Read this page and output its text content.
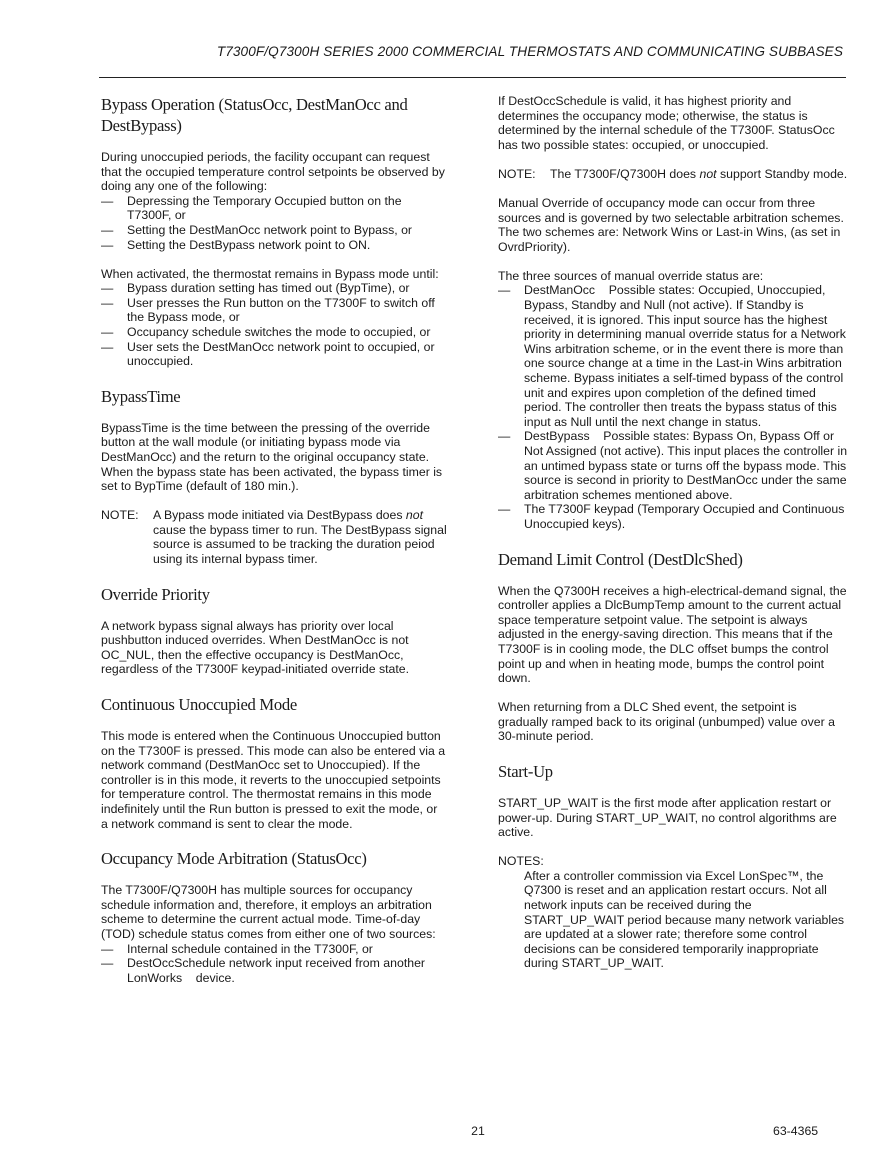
T7300F/Q7300H SERIES 2000 COMMERCIAL THERMOSTATS AND COMMUNICATING SUBBASES
Bypass Operation (StatusOcc, DestManOcc and DestBypass)

During unoccupied periods, the facility occupant can request that the occupied temperature control setpoints be observed by doing any one of the following:

— Depressing the Temporary Occupied button on the T7300F, or
— Setting the DestManOcc network point to Bypass, or
— Setting the DestBypass network point to ON.

When activated, the thermostat remains in Bypass mode until:

— Bypass duration setting has timed out (BypTime), or
— User presses the Run button on the T7300F to switch off the Bypass mode, or
— Occupancy schedule switches the mode to occupied, or
— User sets the DestManOcc network point to occupied, or unoccupied.
BypassTime

BypassTime is the time between the pressing of the override button at the wall module (or initiating bypass mode via DestManOcc) and the return to the original occupancy state. When the bypass state has been activated, the bypass timer is set to BypTime (default of 180 min.).

NOTE: A Bypass mode initiated via DestBypass does not cause the bypass timer to run. The DestBypass signal source is assumed to be tracking the duration peiod using its internal bypass timer.
Override Priority

A network bypass signal always has priority over local pushbutton induced overrides. When DestManOcc is not OC_NUL, then the effective occupancy is DestManOcc, regardless of the T7300F keypad-initiated override state.

Continuous Unoccupied Mode

This mode is entered when the Continuous Unoccupied button on the T7300F is pressed. This mode can also be entered via a network command (DestManOcc set to Unoccupied). If the controller is in this mode, it reverts to the unoccupied setpoints for temperature control. The thermostat remains in this mode indefinitely until the Run button is pressed to exit the mode, or a network command is sent to clear the mode.

Occupancy Mode Arbitration (StatusOcc)

The T7300F/Q7300H has multiple sources for occupancy schedule information and, therefore, it employs an arbitration scheme to determine the current actual mode. Time-of-day (TOD) schedule status comes from either one of two sources:

— Internal schedule contained in the T7300F, or
— DestOccSchedule network input received from another LonWorks    device.

If DestOccSchedule is valid, it has highest priority and determines the occupancy mode; otherwise, the status is determined by the internal schedule of the T7300F. StatusOcc has two possible states: occupied, or unoccupied.

NOTE: The T7300F/Q7300H does not support Standby mode.

Manual Override of occupancy mode can occur from three sources and is governed by two selectable arbitration schemes. The two schemes are: Network Wins or Last-in Wins, (as set in OvrdPriority).

The three sources of manual override status are:

— DestManOcc    Possible states: Occupied, Unoccupied, Bypass, Standby and Null (not active). If Standby is received, it is ignored. This input source has the highest priority in determining manual override status for a Network Wins arbitration scheme, or in the event there is more than one source change at a time in the Last-in Wins arbitration scheme. Bypass initiates a self-timed bypass of the control unit and expires upon completion of the defined timed period. The controller then treats the bypass status of this input as Null until the next change in status.
— DestBypass    Possible states: Bypass On, Bypass Off or Not Assigned (not active). This input places the controller in an untimed bypass state or turns off the bypass mode. This source is second in priority to DestManOcc under the same arbitration schemes mentioned above.
— The T7300F keypad (Temporary Occupied and Continuous Unoccupied keys).
Demand Limit Control (DestDlcShed)

When the Q7300H receives a high-electrical-demand signal, the controller applies a DlcBumpTemp amount to the current actual space temperature setpoint value. The setpoint is always adjusted in the energy-saving direction. This means that if the T7300F is in cooling mode, the DLC offset bumps the control point up and when in heating mode, bumps the control point down.

When returning from a DLC Shed event, the setpoint is gradually ramped back to its original (unbumped) value over a 30-minute period.

Start-Up

START_UP_WAIT is the first mode after application restart or power-up. During START_UP_WAIT, no control algorithms are active.

NOTES:
After a controller commission via Excel LonSpec™, the Q7300 is reset and an application restart occurs. Not all network inputs can be received during the START_UP_WAIT period because many network variables are updated at a slower rate; therefore some control decisions can be considered temporarily inappropriate during START_UP_WAIT.
21	63-4365
